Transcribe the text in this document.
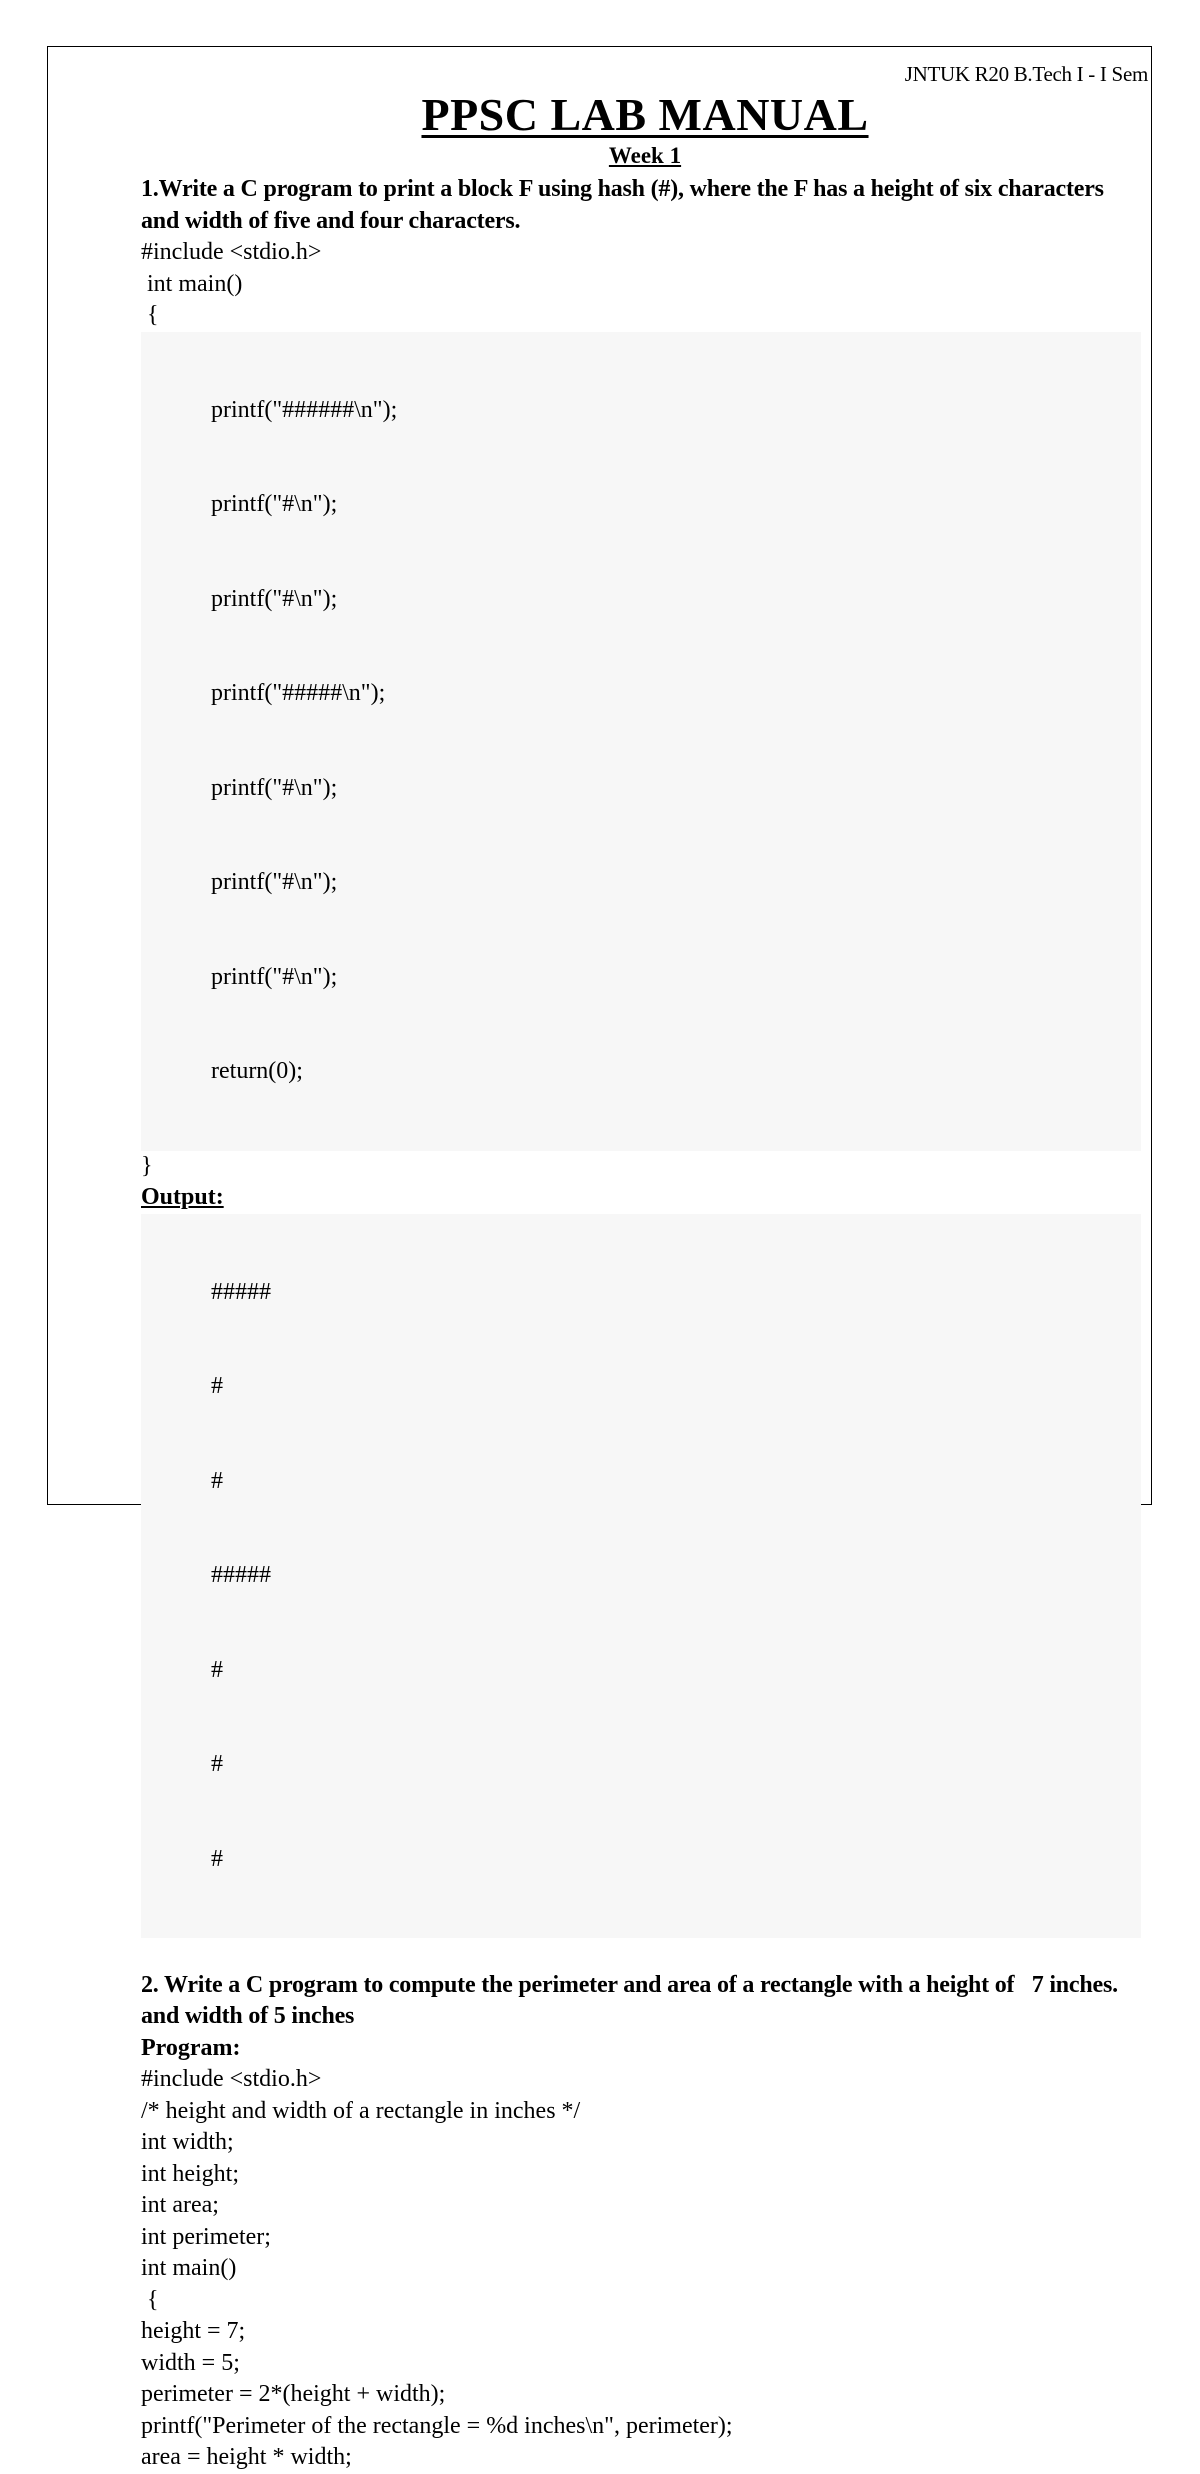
JNTUK R20 B.Tech I - I Sem
PPSC LAB MANUAL
Week 1
1.Write a C program to print a block F using hash (#), where the F has a height of six characters and width of five and four characters.
#include <stdio.h>
int main()
{

printf("######\n");

printf("#\n");

printf("#\n");

printf("#####\n");

printf("#\n");

printf("#\n");

printf("#\n");

return(0);

}
Output:

#####

#

#

#####

#

#

#

2. Write a C program to compute the perimeter and area of a rectangle with a height of   7 inches. and width of 5 inches
Program:
#include <stdio.h>
/* height and width of a rectangle in inches */
int width;
int height;
int area;
int perimeter;
int main()
{
height = 7;
width = 5;
perimeter = 2*(height + width);
printf("Perimeter of the rectangle = %d inches\n", perimeter);
area = height * width;
